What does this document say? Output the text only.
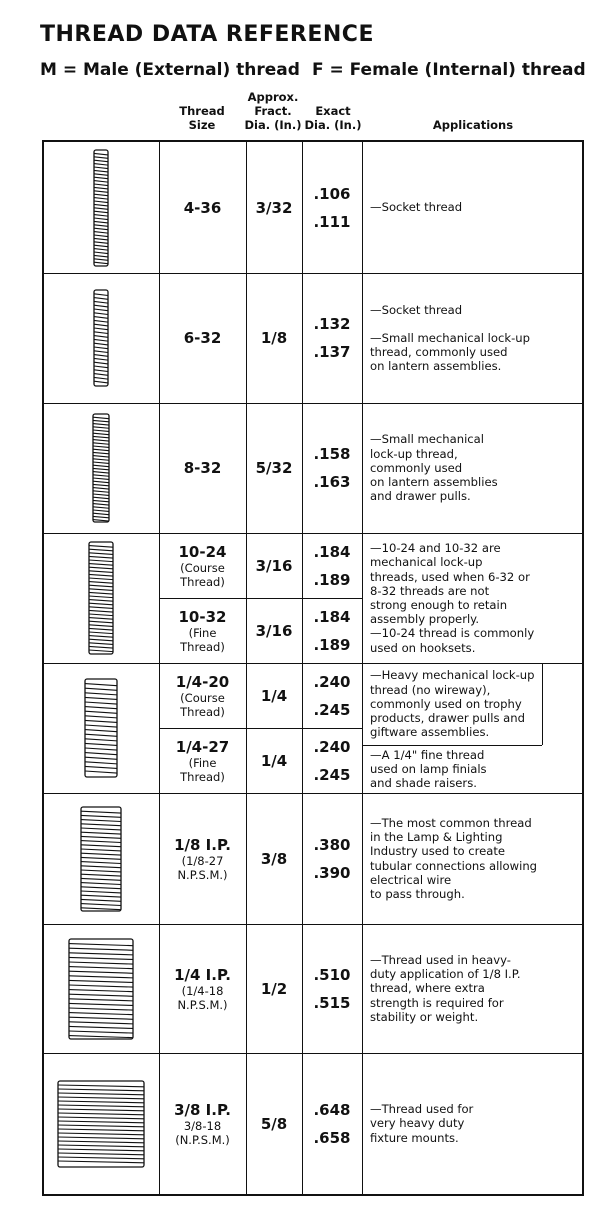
THREAD DATA REFERENCE
M = Male (External) thread F = Female (Internal) thread
Thread
Size
Approx.
Fract.
Dia. (In.)
Exact
Dia. (In.)	Applications
4-36 3/32
.106
.111
—Socket thread
6-32	1/8
.132
.137
—Socket thread
—Small mechanical lock-up
thread, commonly used
on lantern assemblies.
8-32 5/32
.158
.163
—Small mechanical
lock-up thread,
commonly used
on lantern assemblies
and drawer pulls.
10-24
(Course
Thread)
3/16
.184
.189
10-32
(Fine
Thread)
3/16
.184
.189
—10-24 and 10-32 are
mechanical lock-up
threads, used when 6-32 or
8-32 threads are not
strong enough to retain
assembly properly.
—10-24 thread is commonly
used on hooksets.
1/4-20
(Course
Thread)
1/4
.240
.245
1/4-27
(Fine
Thread)
1/4
.240
.245
—Heavy mechanical lock-up
thread (no wireway),
commonly used on trophy
products, drawer pulls and
giftware assemblies.
—A 1/4" fine thread
used on lamp finials
and shade raisers.
1/8 I.P.
(1/8-27
N.P.S.M.)
3/8
.380
.390
—The most common thread
in the Lamp & Lighting
Industry used to create
tubular connections allowing
electrical wire
to pass through.
1/4 I.P.
(1/4-18
N.P.S.M.)
1/2
.510
.515
—Thread used in heavy-
duty application of 1/8 I.P.
thread, where extra
strength is required for
stability or weight.
3/8 I.P.
3/8-18
(N.P.S.M.)
5/8
.648
.658
—Thread used for
very heavy duty
fixture mounts.
